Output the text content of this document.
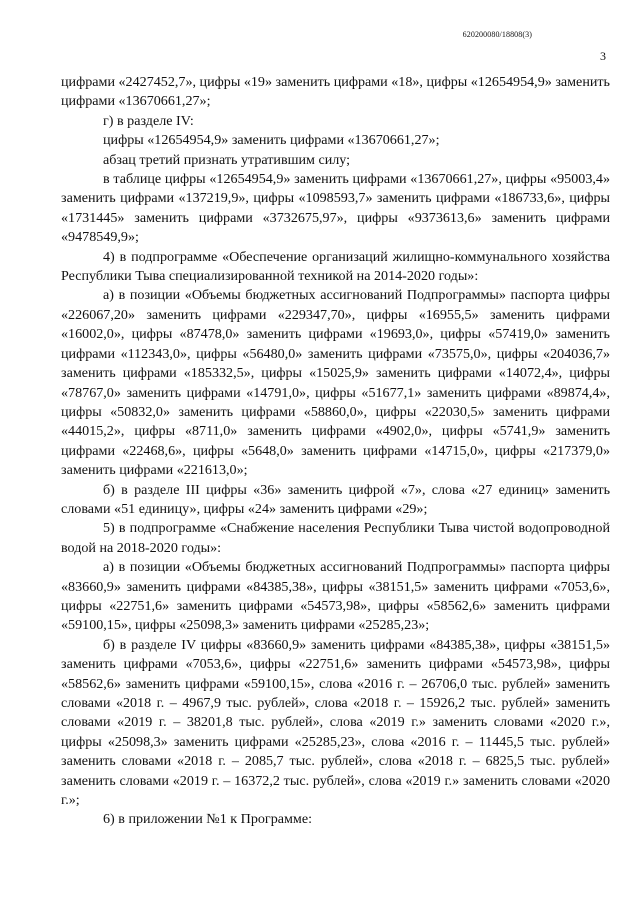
620200080/18808(3)
3

цифрами «2427452,7», цифры «19» заменить цифрами «18», цифры «12654954,9» заменить цифрами «13670661,27»;

г) в разделе IV:

цифры «12654954,9» заменить цифрами «13670661,27»;

абзац третий признать утратившим силу;

в таблице цифры «12654954,9» заменить цифрами «13670661,27», цифры «95003,4» заменить цифрами «137219,9», цифры «1098593,7» заменить цифрами «186733,6», цифры «1731445» заменить цифрами «3732675,97», цифры «9373613,6» заменить цифрами «9478549,9»;

4) в подпрограмме «Обеспечение организаций жилищно-коммунального хозяйства Республики Тыва специализированной техникой на 2014-2020 годы»:

а) в позиции «Объемы бюджетных ассигнований Подпрограммы» паспорта цифры «226067,20» заменить цифрами «229347,70», цифры «16955,5» заменить цифрами «16002,0», цифры «87478,0» заменить цифрами «19693,0», цифры «57419,0» заменить цифрами «112343,0», цифры «56480,0» заменить цифрами «73575,0», цифры «204036,7» заменить цифрами «185332,5», цифры «15025,9» заменить цифрами «14072,4», цифры «78767,0» заменить цифрами «14791,0», цифры «51677,1» заменить цифрами «89874,4», цифры «50832,0» заменить цифрами «58860,0», цифры «22030,5» заменить цифрами «44015,2», цифры «8711,0» заменить цифрами «4902,0», цифры «5741,9» заменить цифрами «22468,6», цифры «5648,0» заменить цифрами «14715,0», цифры «217379,0» заменить цифрами «221613,0»;

б) в разделе III цифры «36» заменить цифрой «7», слова «27 единиц» заменить словами «51 единицу», цифры «24» заменить цифрами «29»;

5) в подпрограмме «Снабжение населения Республики Тыва чистой водопроводной водой на 2018-2020 годы»:

а) в позиции «Объемы бюджетных ассигнований Подпрограммы» паспорта цифры «83660,9» заменить цифрами «84385,38», цифры «38151,5» заменить цифрами «7053,6», цифры «22751,6» заменить цифрами «54573,98», цифры «58562,6» заменить цифрами «59100,15», цифры «25098,3» заменить цифрами «25285,23»;

б) в разделе IV цифры «83660,9» заменить цифрами «84385,38», цифры «38151,5» заменить цифрами «7053,6», цифры «22751,6» заменить цифрами «54573,98», цифры «58562,6» заменить цифрами «59100,15», слова «2016 г. – 26706,0 тыс. рублей» заменить словами «2018 г. – 4967,9 тыс. рублей», слова «2018 г. – 15926,2 тыс. рублей» заменить словами «2019 г. – 38201,8 тыс. рублей», слова «2019 г.» заменить словами «2020 г.», цифры «25098,3» заменить цифрами «25285,23», слова «2016 г. – 11445,5 тыс. рублей» заменить словами «2018 г. – 2085,7 тыс. рублей», слова «2018 г. – 6825,5 тыс. рублей» заменить словами «2019 г. – 16372,2 тыс. рублей», слова «2019 г.» заменить словами «2020 г.»;

6) в приложении №1 к Программе:
